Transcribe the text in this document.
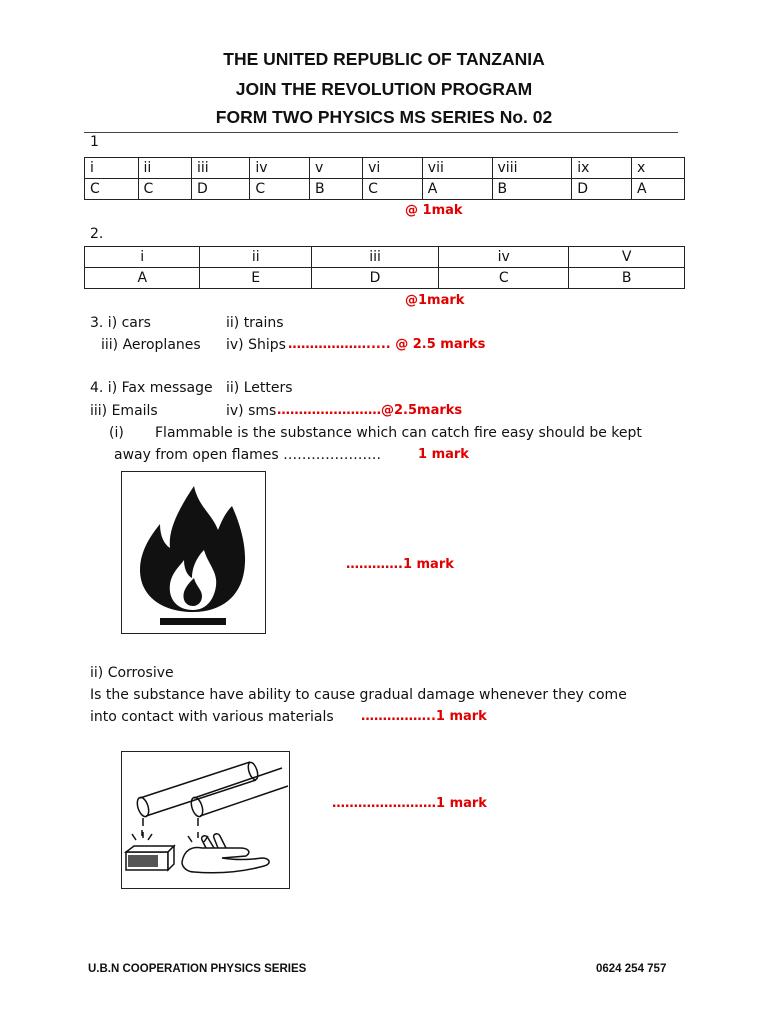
THE UNITED REPUBLIC OF TANZANIA
JOIN THE REVOLUTION PROGRAM
FORM TWO PHYSICS MS SERIES No. 02
1
i	ii	iii	iv	v	vi	vii	viii	ix	x
C	C	D	C	B	C	A	B	D	A
@ 1mak
2.
i	ii	iii	iv	V
A	E	D	C	B
@1mark
3. i) cars	ii) trains
iii) Aeroplanes iv) Ships ………………..... @ 2.5 marks
4. i) Fax message ii) Letters
iii) Emails	iv) sms ……………………@2.5marks
(i) Flammable is the substance which can catch fire easy should be kept
away from open flames …………………	1 mark
………….1 mark
ii) Corrosive
Is the substance have ability to cause gradual damage whenever they come
into contact with various materials ……………..1 mark
……………………1 mark
U.B.N COOPERATION PHYSICS SERIES	0624 254 757
